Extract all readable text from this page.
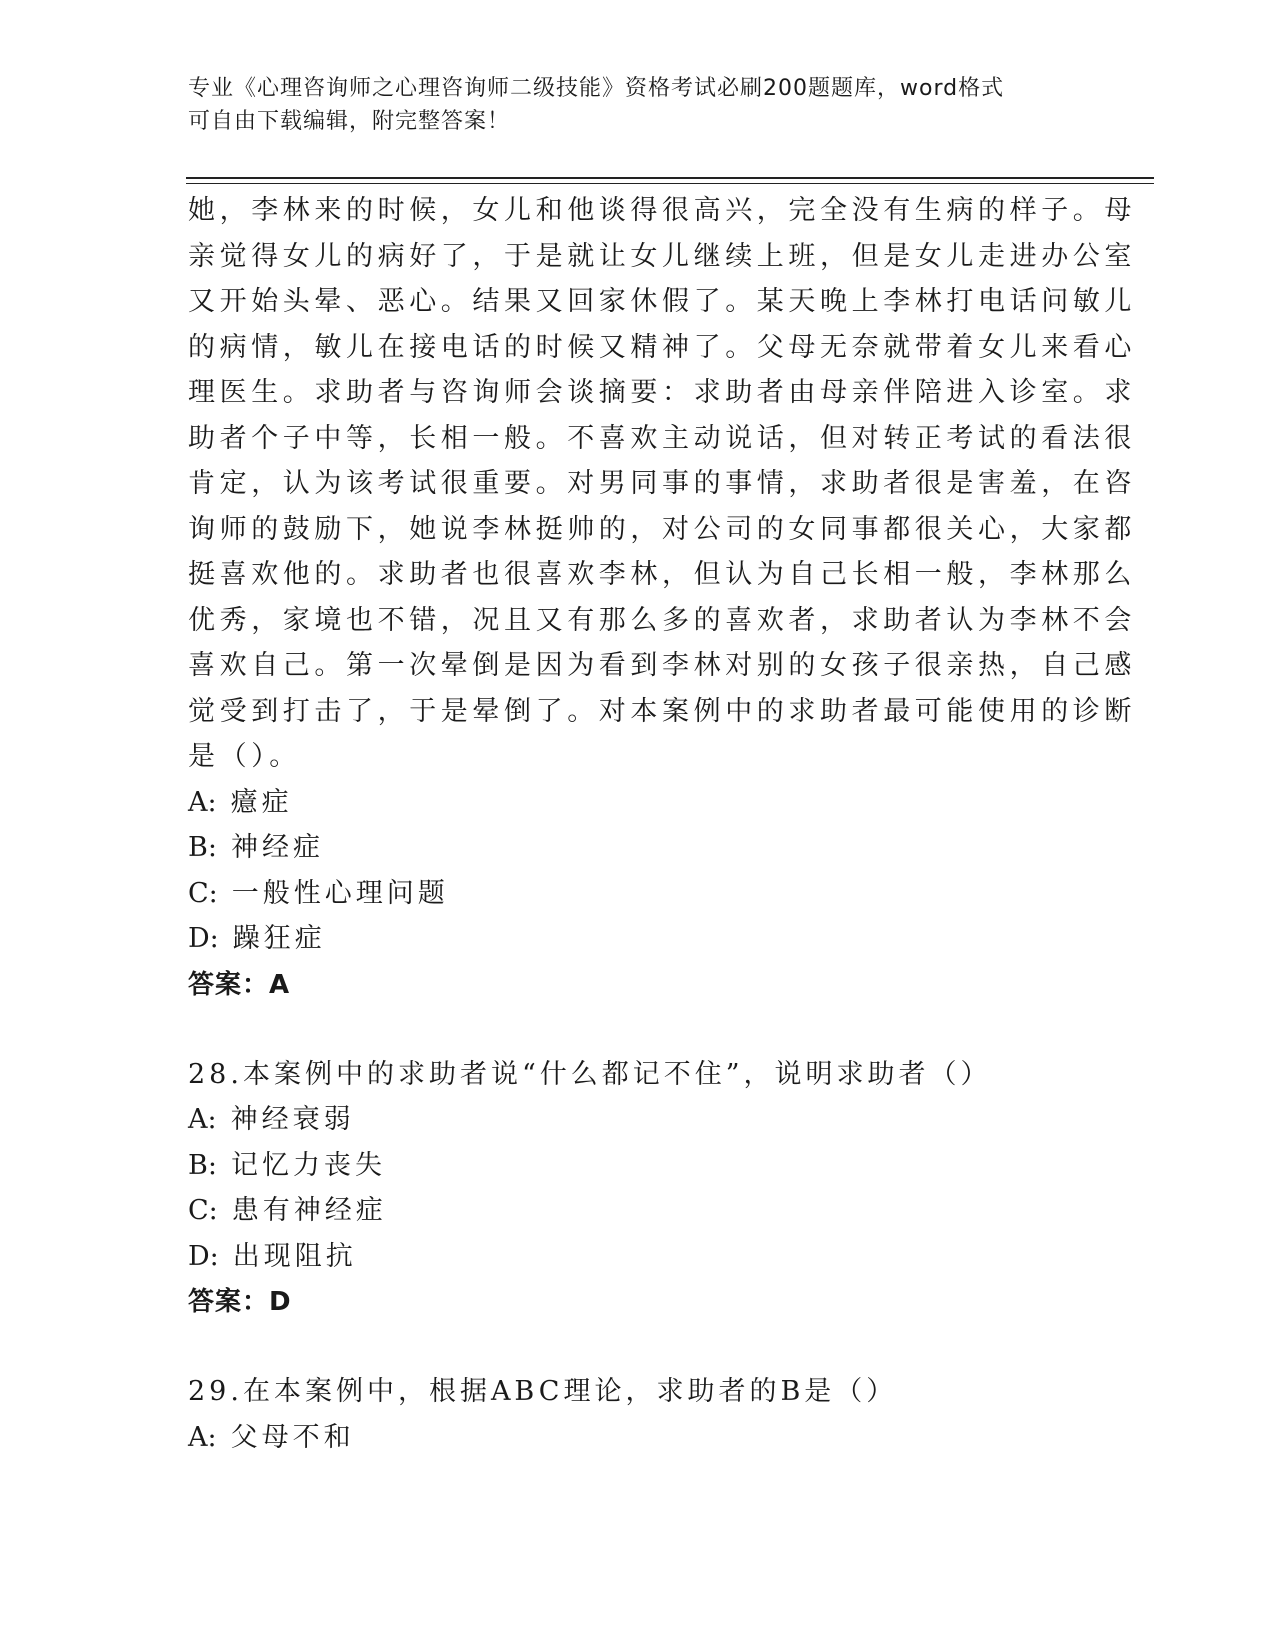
专业《心理咨询师之心理咨询师二级技能》资格考试必刷200题题库，word格式
可自由下载编辑，附完整答案！
她，李林来的时候，女儿和他谈得很高兴，完全没有生病的样子。母
亲觉得女儿的病好了，于是就让女儿继续上班，但是女儿走进办公室
又开始头晕、恶心。结果又回家休假了。某天晚上李林打电话问敏儿
的病情，敏儿在接电话的时候又精神了。父母无奈就带着女儿来看心
理医生。求助者与咨询师会谈摘要：求助者由母亲伴陪进入诊室。求
助者个子中等，长相一般。不喜欢主动说话，但对转正考试的看法很
肯定，认为该考试很重要。对男同事的事情，求助者很是害羞，在咨
询师的鼓励下，她说李林挺帅的，对公司的女同事都很关心，大家都
挺喜欢他的。求助者也很喜欢李林，但认为自己长相一般，李林那么
优秀，家境也不错，况且又有那么多的喜欢者，求助者认为李林不会
喜欢自己。第一次晕倒是因为看到李林对别的女孩子很亲热，自己感
觉受到打击了，于是晕倒了。对本案例中的求助者最可能使用的诊断
是（）。
A: 癔症
B: 神经症
C: 一般性心理问题
D: 躁狂症
答案：A
28.本案例中的求助者说“什么都记不住”，说明求助者（）
A: 神经衰弱
B: 记忆力丧失
C: 患有神经症
D: 出现阻抗
答案：D
29.在本案例中，根据ABC理论，求助者的B是（）
A: 父母不和
